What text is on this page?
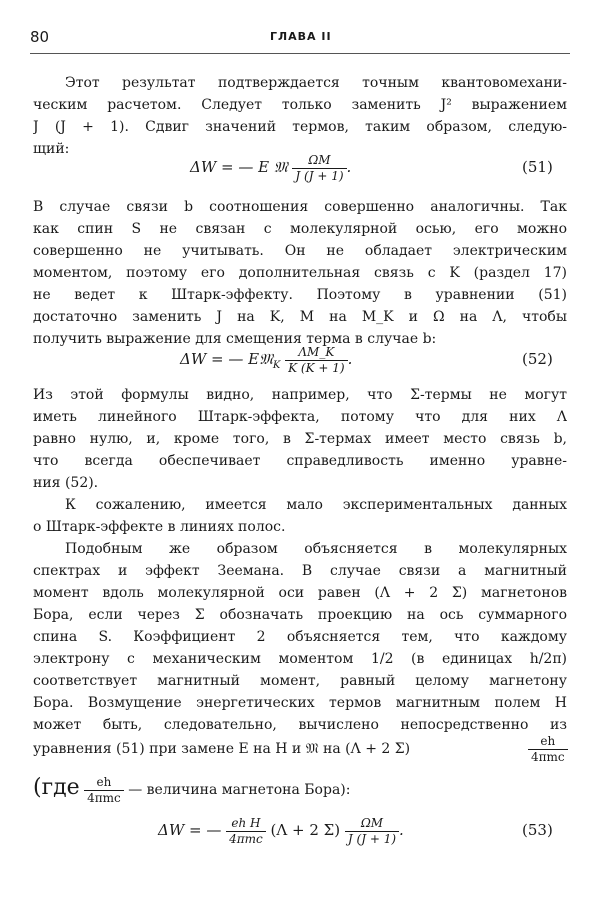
80	ГЛАВА II
Этот результат подтверждается точным квантовомехани-
ческим расчетом. Следует только заменить J² выражением
J (J + 1). Сдвиг значений термов, таким образом, следую-
щий:
ΔW = — E 𝔐 $\frac{\Omega M}{J (J + 1)}$ .	(51)
В случае связи b соотношения совершенно аналогичны. Так
как спин S не связан с молекулярной осью, его можно
совершенно не учитывать. Он не обладает электрическим
моментом, поэтому его дополнительная связь с K (раздел 17)
не ведет к Штарк-эффекту. Поэтому в уравнении (51)
достаточно заменить J на K, M на M_K и Ω на Λ, чтобы
получить выражение для смещения терма в случае b:
ΔW = — E𝔐$_K$ $\frac{\Lambda M\_K}{K (K + 1)}$ .	(52)
Из этой формулы видно, например, что Σ-термы не могут
иметь линейного Штарк-эффекта, потому что для них Λ
равно нулю, и, кроме того, в Σ-термах имеет место связь b,
что всегда обеспечивает справедливость именно уравне-
ния (52).
К сожалению, имеется мало экспериментальных данных
о Штарк-эффекте в линиях полос.
Подобным же образом объясняется в молекулярных
спектрах и эффект Зеемана. В случае связи a магнитный
момент вдоль молекулярной оси равен (Λ + 2 Σ) магнетонов
Бора, если через Σ обозначать проекцию на ось суммарного
спина S. Коэффициент 2 объясняется тем, что каждому
электрону с механическим моментом 1/2 (в единицах h/2π)
соответствует магнитный момент, равный целому магнетону
Бора. Возмущение энергетических термов магнитным полем H
может быть, следовательно, вычислено непосредственно из
уравнения (51) при замене E на H и 𝔐 на (Λ + 2 Σ)	eh
4πmc
($где \frac{eh}{\text{4πmc}}$ — величина магнетона Бора):
ΔW = — $\frac{\text{eh H}}{\text{4πmc}} (\Lambda + 2$ $\Sigma) \frac{\Omega M}{J (J + 1)}$ .	(53)
